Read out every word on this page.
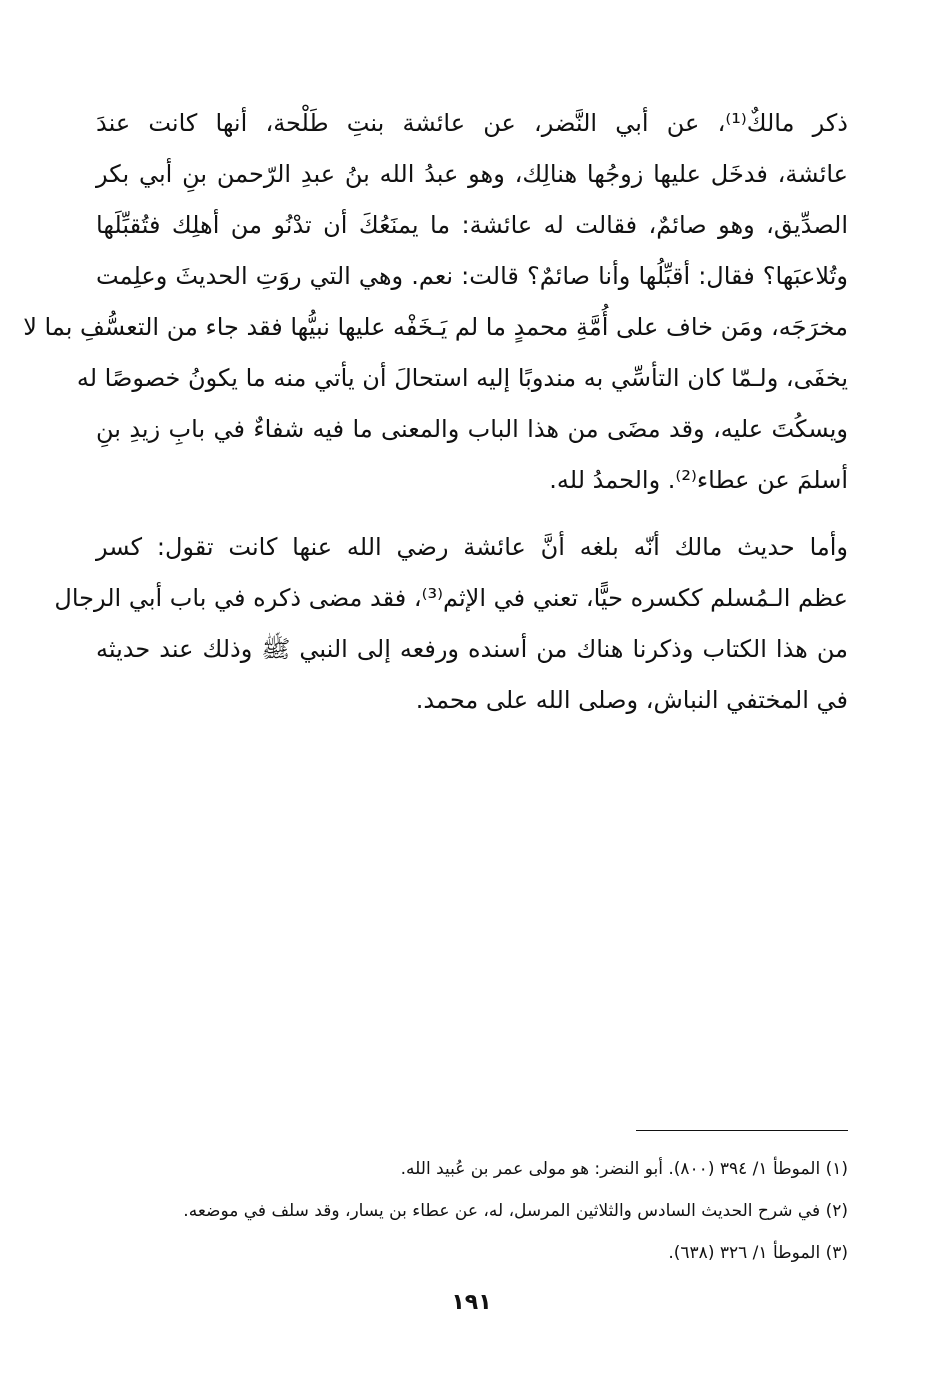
ذكر مالكٌ⁽¹⁾، عن أبي النَّضر، عن عائشة بنتِ طَلْحة، أنها كانت عندَ
عائشة، فدخَل عليها زوجُها هنالِك، وهو عبدُ الله بنُ عبدِ الرّحمن بنِ أبي بكر
الصدِّيق، وهو صائمٌ، فقالت له عائشة: ما يمنَعُكَ أن تدْنُو من أهلِك فتُقبِّلَها
وتُلاعبَها؟ فقال: أقبِّلُها وأنا صائمٌ؟ قالت: نعم. وهي التي روَتِ الحديثَ وعلِمت
مخرَجَه، ومَن خاف على أُمَّةِ محمدٍ ما لم يَـخَفْه عليها نبيُّها فقد جاء من التعسُّفِ بما لا
يخفَى، ولـمّا كان التأسِّي به مندوبًا إليه استحالَ أن يأتي منه ما يكونُ خصوصًا له
ويسكُتَ عليه، وقد مضَى من هذا الباب والمعنى ما فيه شفاءٌ في بابِ زيدِ بنِ
أسلمَ عن عطاء⁽²⁾. والحمدُ لله.
وأما حديث مالك أنّه بلغه أنَّ عائشة رضي الله عنها كانت تقول: كسر
عظم الـمُسلم ككسره حيًّا، تعني في الإثم⁽³⁾، فقد مضى ذكره في باب أبي الرجال
من هذا الكتاب وذكرنا هناك من أسنده ورفعه إلى النبي ﷺ وذلك عند حديثه
في المختفي النباش، وصلى الله على محمد.
(١) الموطأ ١/ ٣٩٤ (٨٠٠). أبو النضر: هو مولى عمر بن عُبيد الله.
(٢) في شرح الحديث السادس والثلاثين المرسل، له، عن عطاء بن يسار، وقد سلف في موضعه.
(٣) الموطأ ١/ ٣٢٦ (٦٣٨).
١٩١
